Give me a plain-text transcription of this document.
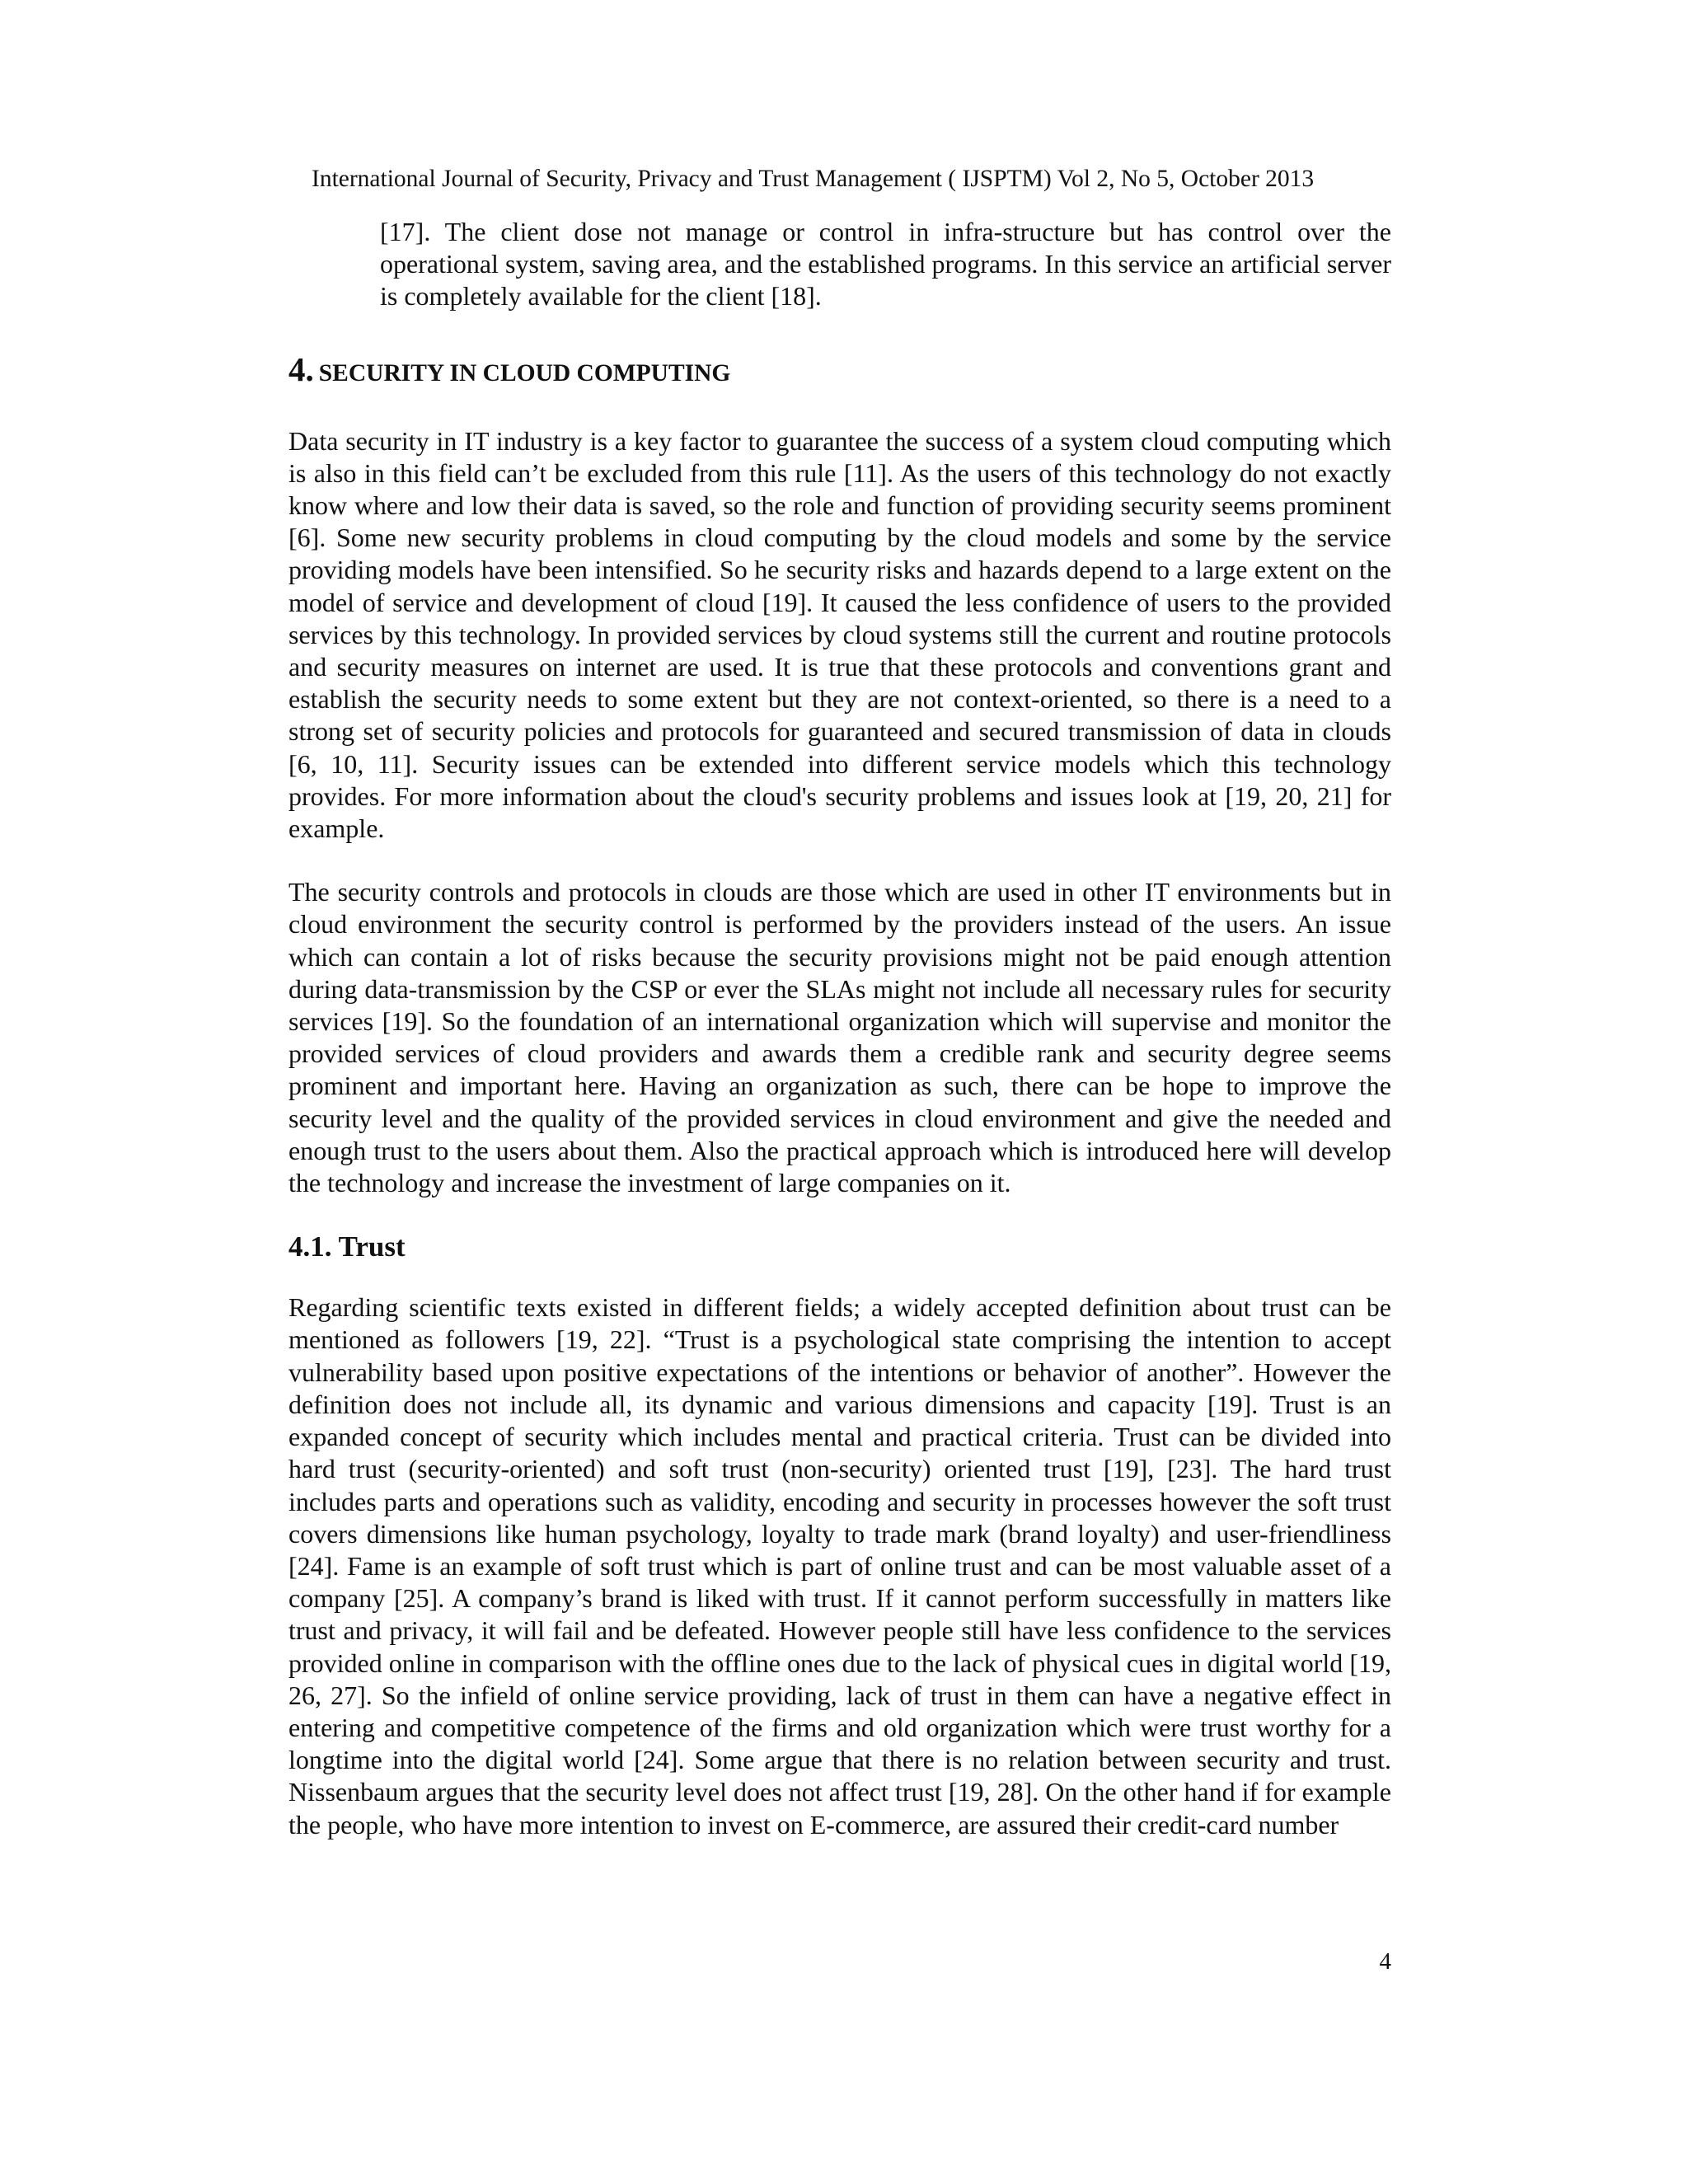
International Journal of Security, Privacy and Trust Management ( IJSPTM) Vol 2, No 5, October 2013

[17]. The client dose not manage or control in infra-structure but has control over the operational system, saving area, and the established programs. In this service an artificial server is completely available for the client [18].

4. SECURITY IN CLOUD COMPUTING

Data security in IT industry is a key factor to guarantee the success of a system cloud computing which is also in this field can’t be excluded from this rule [11]. As the users of this technology do not exactly know where and low their data is saved, so the role and function of providing security seems prominent [6]. Some new security problems in cloud computing by the cloud models and some by the service providing models have been intensified. So he security risks and hazards depend to a large extent on the model of service and development of cloud [19]. It caused the less confidence of users to the provided services by this technology. In provided services by cloud systems still the current and routine protocols and security measures on internet are used. It is true that these protocols and conventions grant and establish the security needs to some extent but they are not context-oriented, so there is a need to a strong set of security policies and protocols for guaranteed and secured transmission of data in clouds [6, 10, 11]. Security issues can be extended into different service models which this technology provides. For more information about the cloud's security problems and issues look at [19, 20, 21] for example.

The security controls and protocols in clouds are those which are used in other IT environments but in cloud environment the security control is performed by the providers instead of the users. An issue which can contain a lot of risks because the security provisions might not be paid enough attention during data-transmission by the CSP or ever the SLAs might not include all necessary rules for security services [19]. So the foundation of an international organization which will supervise and monitor the provided services of cloud providers and awards them a credible rank and security degree seems prominent and important here. Having an organization as such, there can be hope to improve the security level and the quality of the provided services in cloud environment and give the needed and enough trust to the users about them. Also the practical approach which is introduced here will develop the technology and increase the investment of large companies on it.

4.1. Trust

Regarding scientific texts existed in different fields; a widely accepted definition about trust can be mentioned as followers [19, 22]. “Trust is a psychological state comprising the intention to accept vulnerability based upon positive expectations of the intentions or behavior of another”. However the definition does not include all, its dynamic and various dimensions and capacity [19]. Trust is an expanded concept of security which includes mental and practical criteria. Trust can be divided into hard trust (security-oriented) and soft trust (non-security) oriented trust [19], [23]. The hard trust includes parts and operations such as validity, encoding and security in processes however the soft trust covers dimensions like human psychology, loyalty to trade mark (brand loyalty) and user-friendliness [24]. Fame is an example of soft trust which is part of online trust and can be most valuable asset of a company [25]. A company’s brand is liked with trust. If it cannot perform successfully in matters like trust and privacy, it will fail and be defeated. However people still have less confidence to the services provided online in comparison with the offline ones due to the lack of physical cues in digital world [19, 26, 27]. So the infield of online service providing, lack of trust in them can have a negative effect in entering and competitive competence of the firms and old organization which were trust worthy for a longtime into the digital world [24]. Some argue that there is no relation between security and trust. Nissenbaum argues that the security level does not affect trust [19, 28]. On the other hand if for example the people, who have more intention to invest on E-commerce, are assured their credit-card number

4
